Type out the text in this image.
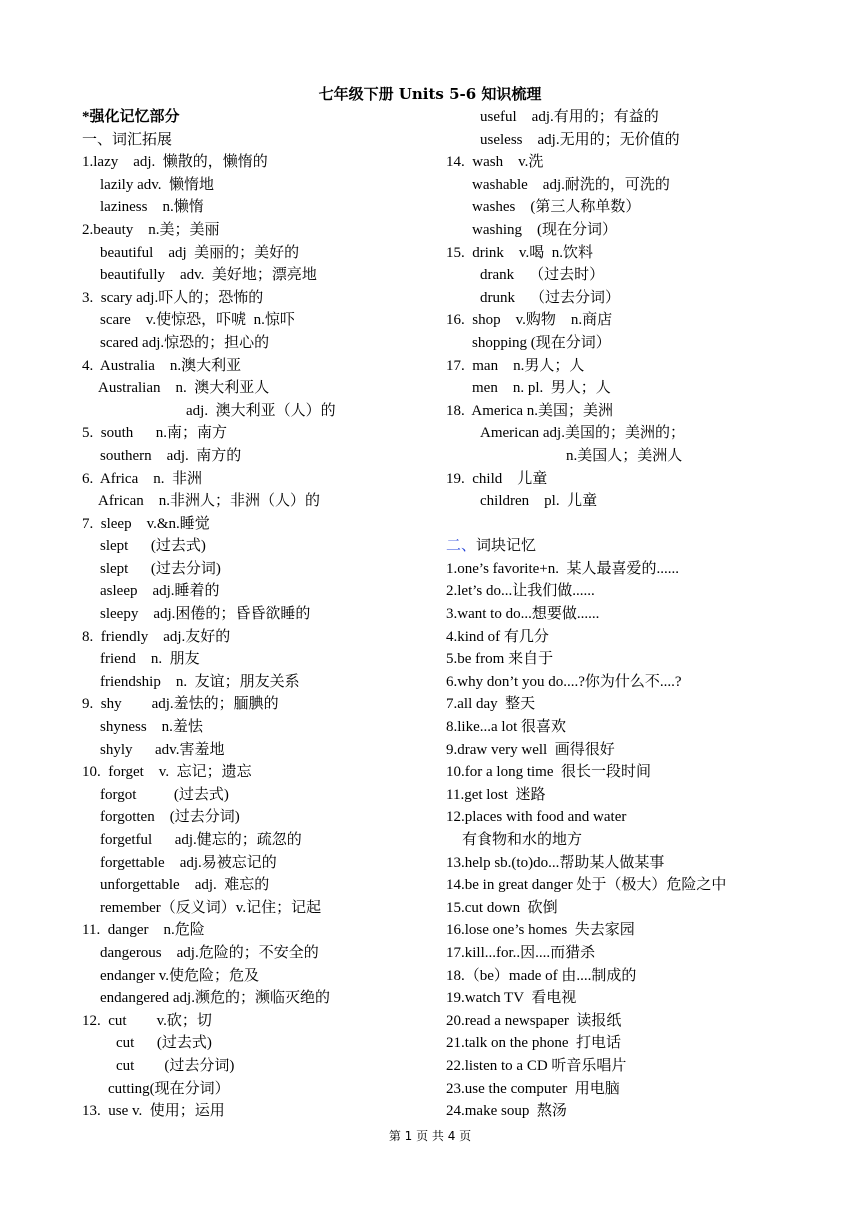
七年级下册 Units 5-6 知识梳理
*强化记忆部分
一、词汇拓展
1.lazy    adj.  懒散的，懒惰的
lazily adv.  懒惰地
laziness    n.懒惰
2.beauty    n.美；美丽
beautiful    adj  美丽的；美好的
beautifully    adv.  美好地；漂亮地
3.  scary adj.吓人的；恐怖的
scare    v.使惊恐，吓唬  n.惊吓
scared adj.惊恐的；担心的
4.  Australia    n.澳大利亚
Australian    n.  澳大利亚人
adj.  澳大利亚（人）的
5.  south      n.南；南方
southern    adj.  南方的
6.  Africa    n.  非洲
African    n.非洲人；非洲（人）的
7.  sleep    v.&n.睡觉
slept      (过去式)
slept      (过去分词)
asleep    adj.睡着的
sleepy    adj.困倦的；昏昏欲睡的
8.  friendly    adj.友好的
friend    n.  朋友
friendship    n.  友谊；朋友关系
9.  shy        adj.羞怯的；腼腆的
shyness    n.羞怯
shyly      adv.害羞地
10.  forget    v.  忘记；遗忘
forgot          (过去式)
forgotten    (过去分词)
forgetful      adj.健忘的；疏忽的
forgettable    adj.易被忘记的
unforgettable    adj.  难忘的
remember（反义词）v.记住；记起
11.  danger    n.危险
dangerous    adj.危险的；不安全的
endanger v.使危险；危及
endangered adj.濒危的；濒临灭绝的
12.  cut        v.砍；切
cut      (过去式)
cut        (过去分词)
cutting(现在分词）
13.  use v.  使用；运用
useful    adj.有用的；有益的
useless    adj.无用的；无价值的
14.  wash    v.洗
washable    adj.耐洗的，可洗的
washes    (第三人称单数）
washing    (现在分词）
15.  drink    v.喝  n.饮料
drank    （过去时）
drunk    （过去分词）
16.  shop    v.购物    n.商店
shopping (现在分词）
17.  man    n.男人；人
men    n. pl.  男人；人
18.  America n.美国；美洲
American adj.美国的；美洲的；
n.美国人；美洲人
19.  child    儿童
children    pl.  儿童
二、词块记忆
1.one’s favorite+n.  某人最喜爱的......
2.let’s do...让我们做......
3.want to do...想要做......
4.kind of 有几分
5.be from 来自于
6.why don’t you do....?你为什么不....?
7.all day  整天
8.like...a lot 很喜欢
9.draw very well  画得很好
10.for a long time  很长一段时间
11.get lost  迷路
12.places with food and water
有食物和水的地方
13.help sb.(to)do...帮助某人做某事
14.be in great danger 处于（极大）危险之中
15.cut down  砍倒
16.lose one’s homes  失去家园
17.kill...for..因....而猎杀
18.（be）made of 由....制成的
19.watch TV  看电视
20.read a newspaper  读报纸
21.talk on the phone  打电话
22.listen to a CD 听音乐唱片
23.use the computer  用电脑
24.make soup  熬汤
第 1 页 共 4 页
